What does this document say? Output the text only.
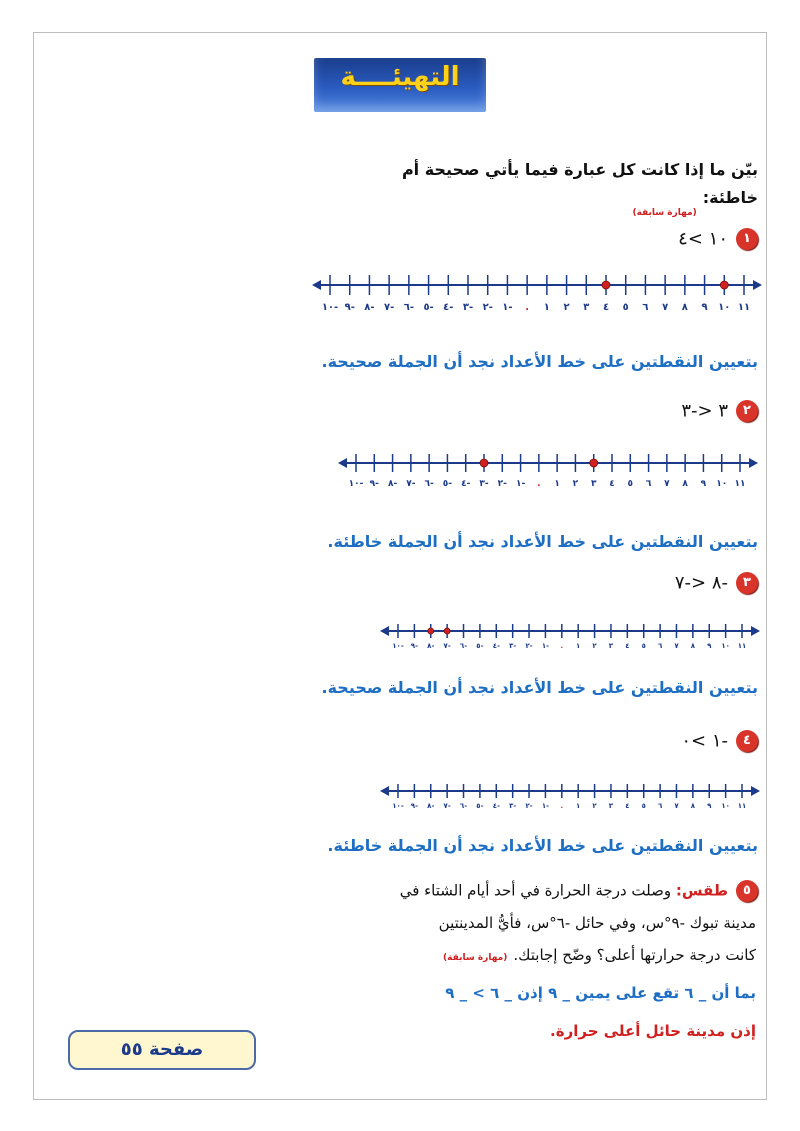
التهيئــــة
بيّن ما إذا كانت كل عبارة فيما يأتي صحيحة أم
$خاطئة:_{(مهارة سابقة)}$
١١٠ >٤
١٠- ٩- ٨- ٧- ٦- ٥- ٤- ٣- ٢- ١- . ١ ٢ ٣ ٤ ٥ ٦ ٧ ٨ ٩ ١٠ ١١
بتعيين النقطتين على خط الأعداد نجد أن الجملة صحيحة.
٢٣ <-٣
١٠- ٩- ٨- ٧- ٦- ٥- ٤- ٣- ٢- ١- . ١ ٢ ٣ ٤ ٥ ٦ ٧ ٨ ٩ ١٠ ١١
بتعيين النقطتين على خط الأعداد نجد أن الجملة خاطئة.
٣-٨ <-٧
١٠- ٩- ٨- ٧- ٦- ٥- ٤- ٣- ٢- ١- . ١ ٢ ٣ ٤ ٥ ٦ ٧ ٨ ٩ ١٠ ١١
بتعيين النقطتين على خط الأعداد نجد أن الجملة صحيحة.
٤-١ >٠
١٠- ٩- ٨- ٧- ٦- ٥- ٤- ٣- ٢- ١- . ١ ٢ ٣ ٤ ٥ ٦ ٧ ٨ ٩ ١٠ ١١
بتعيين النقطتين على خط الأعداد نجد أن الجملة خاطئة.
٥طقس: وصلت درجة الحرارة في أحد أيام الشتاء في
مدينة تبوك -٩°س، وفي حائل -٦°س، فأيُّ المدينتين
كانت درجة حرارتها أعلى؟ وضّح إجابتك.(مهارة سابقة)
بما أن _ ٦ تقع على يمين _ ٩ إذن _ ٦ > _ ٩
إذن مدينة حائل أعلى حرارة.
صفحة ٥٥
